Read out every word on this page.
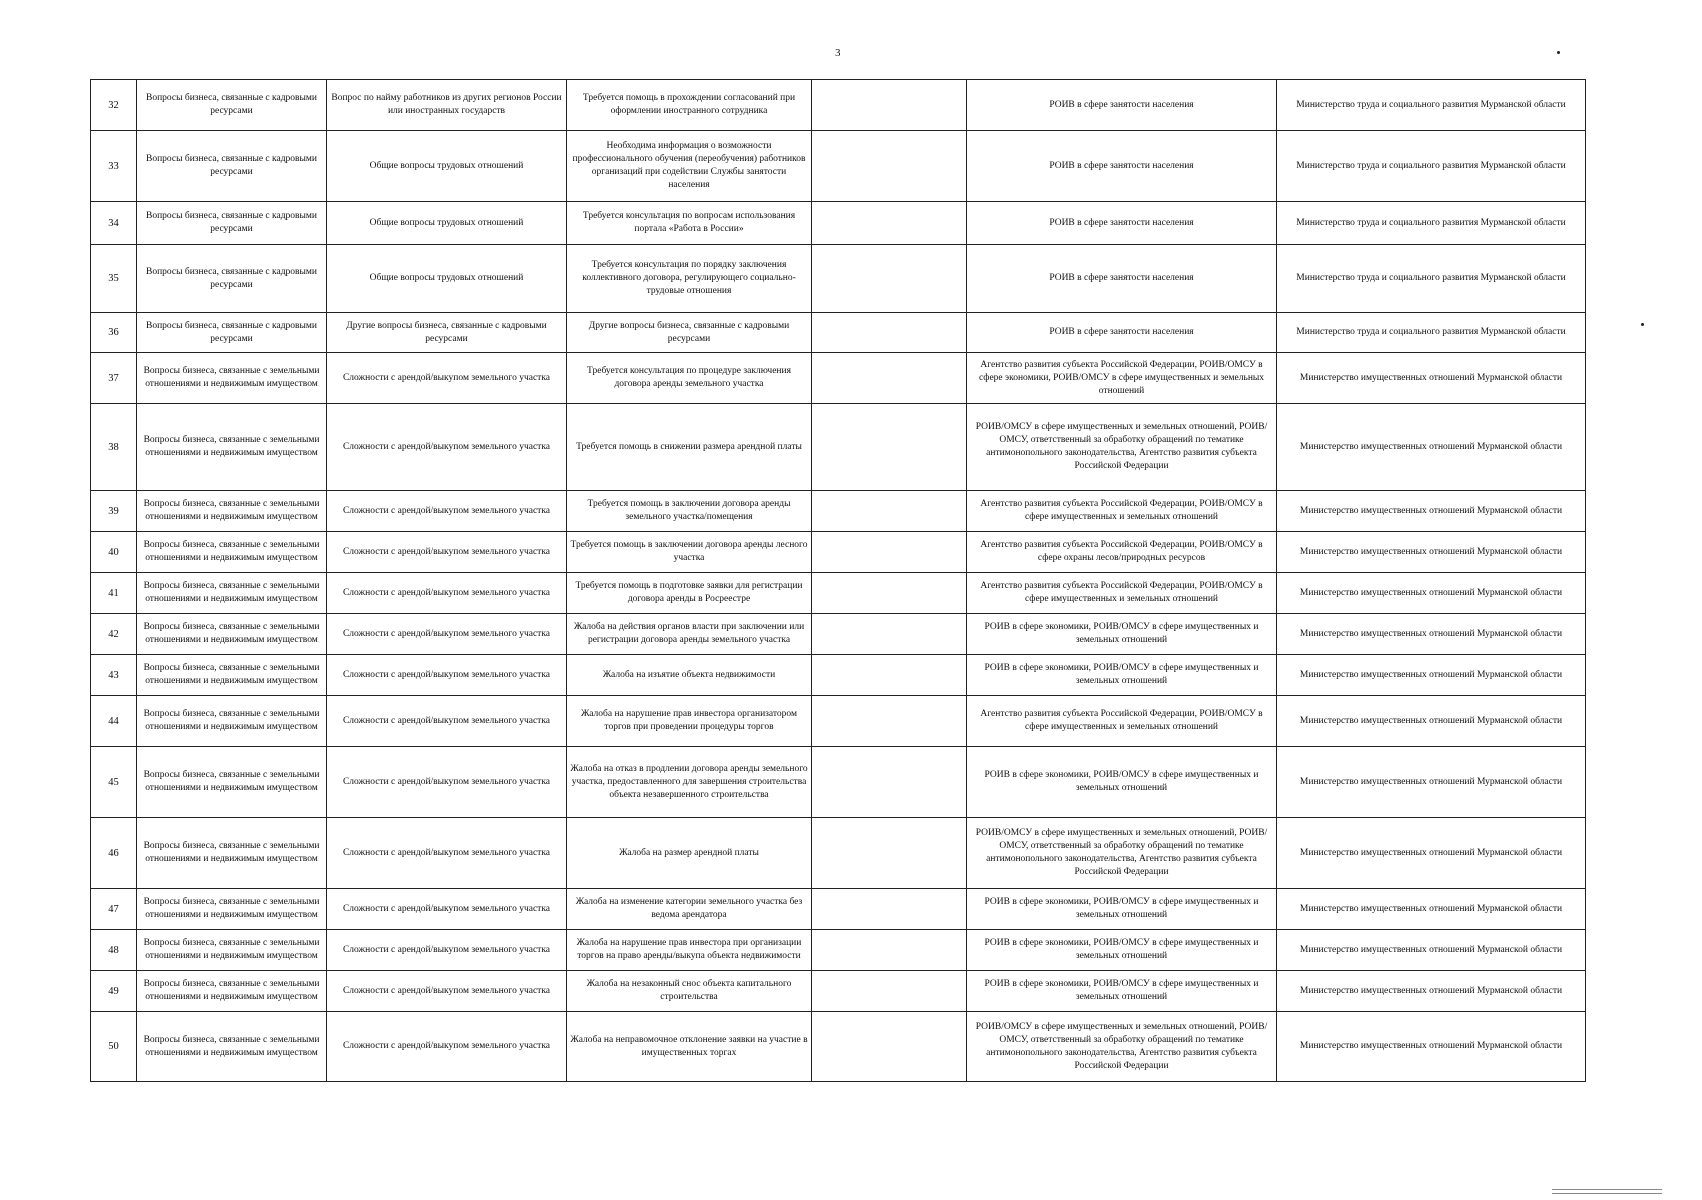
3
32	Вопросы бизнеса, связанные с кадровыми ресурсами	Вопрос по найму работников из других регионов России или иностранных государств	Требуется помощь в прохождении согласований при оформлении иностранного сотрудника		РОИВ в сфере занятости населения	Министерство труда и социального развития Мурманской области
33	Вопросы бизнеса, связанные с кадровыми ресурсами	Общие вопросы трудовых отношений	Необходима информация о возможности профессионального обучения (переобучения) работников организаций при содействии Службы занятости населения		РОИВ в сфере занятости населения	Министерство труда и социального развития Мурманской области
34	Вопросы бизнеса, связанные с кадровыми ресурсами	Общие вопросы трудовых отношений	Требуется консультация по вопросам использования портала «Работа в России»		РОИВ в сфере занятости населения	Министерство труда и социального развития Мурманской области
35	Вопросы бизнеса, связанные с кадровыми ресурсами	Общие вопросы трудовых отношений	Требуется консультация по порядку заключения коллективного договора, регулирующего социально-трудовые отношения		РОИВ в сфере занятости населения	Министерство труда и социального развития Мурманской области
36	Вопросы бизнеса, связанные с кадровыми ресурсами	Другие вопросы бизнеса, связанные с кадровыми ресурсами	Другие вопросы бизнеса, связанные с кадровыми ресурсами		РОИВ в сфере занятости населения	Министерство труда и социального развития Мурманской области
37	Вопросы бизнеса, связанные с земельными отношениями и недвижимым имуществом	Сложности с арендой/выкупом земельного участка	Требуется консультация по процедуре заключения договора аренды земельного участка		Агентство развития субъекта Российской Федерации, РОИВ/ОМСУ в сфере экономики, РОИВ/ОМСУ в сфере имущественных и земельных отношений	Министерство имущественных отношений Мурманской области
38	Вопросы бизнеса, связанные с земельными отношениями и недвижимым имуществом	Сложности с арендой/выкупом земельного участка	Требуется помощь в снижении размера арендной платы		РОИВ/ОМСУ в сфере имущественных и земельных отношений, РОИВ/ОМСУ, ответственный за обработку обращений по тематике антимонопольного законодательства, Агентство развития субъекта Российской Федерации	Министерство имущественных отношений Мурманской области
39	Вопросы бизнеса, связанные с земельными отношениями и недвижимым имуществом	Сложности с арендой/выкупом земельного участка	Требуется помощь в заключении договора аренды земельного участка/помещения		Агентство развития субъекта Российской Федерации, РОИВ/ОМСУ в сфере имущественных и земельных отношений	Министерство имущественных отношений Мурманской области
40	Вопросы бизнеса, связанные с земельными отношениями и недвижимым имуществом	Сложности с арендой/выкупом земельного участка	Требуется помощь в заключении договора аренды лесного участка		Агентство развития субъекта Российской Федерации, РОИВ/ОМСУ в сфере охраны лесов/природных ресурсов	Министерство имущественных отношений Мурманской области
41	Вопросы бизнеса, связанные с земельными отношениями и недвижимым имуществом	Сложности с арендой/выкупом земельного участка	Требуется помощь в подготовке заявки для регистрации договора аренды в Росреестре		Агентство развития субъекта Российской Федерации, РОИВ/ОМСУ в сфере имущественных и земельных отношений	Министерство имущественных отношений Мурманской области
42	Вопросы бизнеса, связанные с земельными отношениями и недвижимым имуществом	Сложности с арендой/выкупом земельного участка	Жалоба на действия органов власти при заключении или регистрации договора аренды земельного участка		РОИВ в сфере экономики, РОИВ/ОМСУ в сфере имущественных и земельных отношений	Министерство имущественных отношений Мурманской области
43	Вопросы бизнеса, связанные с земельными отношениями и недвижимым имуществом	Сложности с арендой/выкупом земельного участка	Жалоба на изъятие объекта недвижимости		РОИВ в сфере экономики, РОИВ/ОМСУ в сфере имущественных и земельных отношений	Министерство имущественных отношений Мурманской области
44	Вопросы бизнеса, связанные с земельными отношениями и недвижимым имуществом	Сложности с арендой/выкупом земельного участка	Жалоба на нарушение прав инвестора организатором торгов при проведении процедуры торгов		Агентство развития субъекта Российской Федерации, РОИВ/ОМСУ в сфере имущественных и земельных отношений	Министерство имущественных отношений Мурманской области
45	Вопросы бизнеса, связанные с земельными отношениями и недвижимым имуществом	Сложности с арендой/выкупом земельного участка	Жалоба на отказ в продлении договора аренды земельного участка, предоставленного для завершения строительства объекта незавершенного строительства		РОИВ в сфере экономики, РОИВ/ОМСУ в сфере имущественных и земельных отношений	Министерство имущественных отношений Мурманской области
46	Вопросы бизнеса, связанные с земельными отношениями и недвижимым имуществом	Сложности с арендой/выкупом земельного участка	Жалоба на размер арендной платы		РОИВ/ОМСУ в сфере имущественных и земельных отношений, РОИВ/ОМСУ, ответственный за обработку обращений по тематике антимонопольного законодательства, Агентство развития субъекта Российской Федерации	Министерство имущественных отношений Мурманской области
47	Вопросы бизнеса, связанные с земельными отношениями и недвижимым имуществом	Сложности с арендой/выкупом земельного участка	Жалоба на изменение категории земельного участка без ведома арендатора		РОИВ в сфере экономики, РОИВ/ОМСУ в сфере имущественных и земельных отношений	Министерство имущественных отношений Мурманской области
48	Вопросы бизнеса, связанные с земельными отношениями и недвижимым имуществом	Сложности с арендой/выкупом земельного участка	Жалоба на нарушение прав инвестора при организации торгов на право аренды/выкупа объекта недвижимости		РОИВ в сфере экономики, РОИВ/ОМСУ в сфере имущественных и земельных отношений	Министерство имущественных отношений Мурманской области
49	Вопросы бизнеса, связанные с земельными отношениями и недвижимым имуществом	Сложности с арендой/выкупом земельного участка	Жалоба на незаконный снос объекта капитального строительства		РОИВ в сфере экономики, РОИВ/ОМСУ в сфере имущественных и земельных отношений	Министерство имущественных отношений Мурманской области
50	Вопросы бизнеса, связанные с земельными отношениями и недвижимым имуществом	Сложности с арендой/выкупом земельного участка	Жалоба на неправомочное отклонение заявки на участие в имущественных торгах		РОИВ/ОМСУ в сфере имущественных и земельных отношений, РОИВ/ОМСУ, ответственный за обработку обращений по тематике антимонопольного законодательства, Агентство развития субъекта Российской Федерации	Министерство имущественных отношений Мурманской области
